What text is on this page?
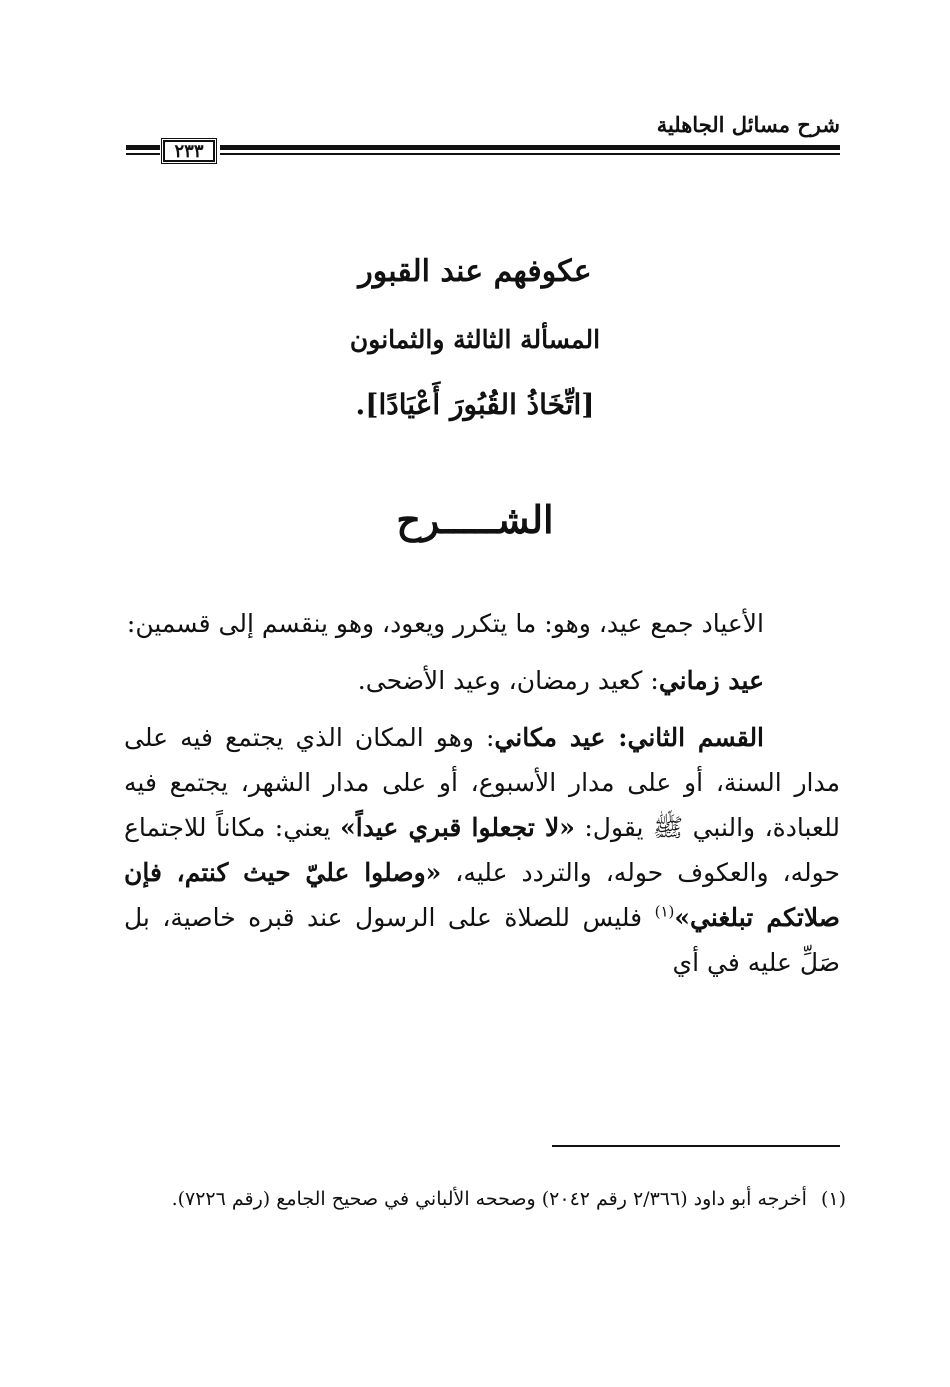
شرح مسائل الجاهلية
٢٣٣
عكوفهم عند القبور
المسألة الثالثة والثمانون
[اتِّخَاذُ القُبُورَ أَعْيَادًا].
الشـــــرح

الأعياد جمع عيد، وهو: ما يتكرر ويعود، وهو ينقسم إلى قسمين:

عيد زماني: كعيد رمضان، وعيد الأضحى.

القسم الثاني: عيد مكاني: وهو المكان الذي يجتمع فيه على مدار السنة، أو على مدار الأسبوع، أو على مدار الشهر، يجتمع فيه للعبادة، والنبي ﷺ يقول: «لا تجعلوا قبري عيداً» يعني: مكاناً للاجتماع حوله، والعكوف حوله، والتردد عليه، «وصلوا عليّ حيث كنتم، فإن صلاتكم تبلغني»$^{(١)}$ فليس للصلاة على الرسول عند قبره خاصية، بل صَلِّ عليه في أي

(١)
أخرجه أبو داود (٢/٣٦٦ رقم ٢٠٤٢) وصححه الألباني في صحيح الجامع (رقم ٧٢٢٦).
